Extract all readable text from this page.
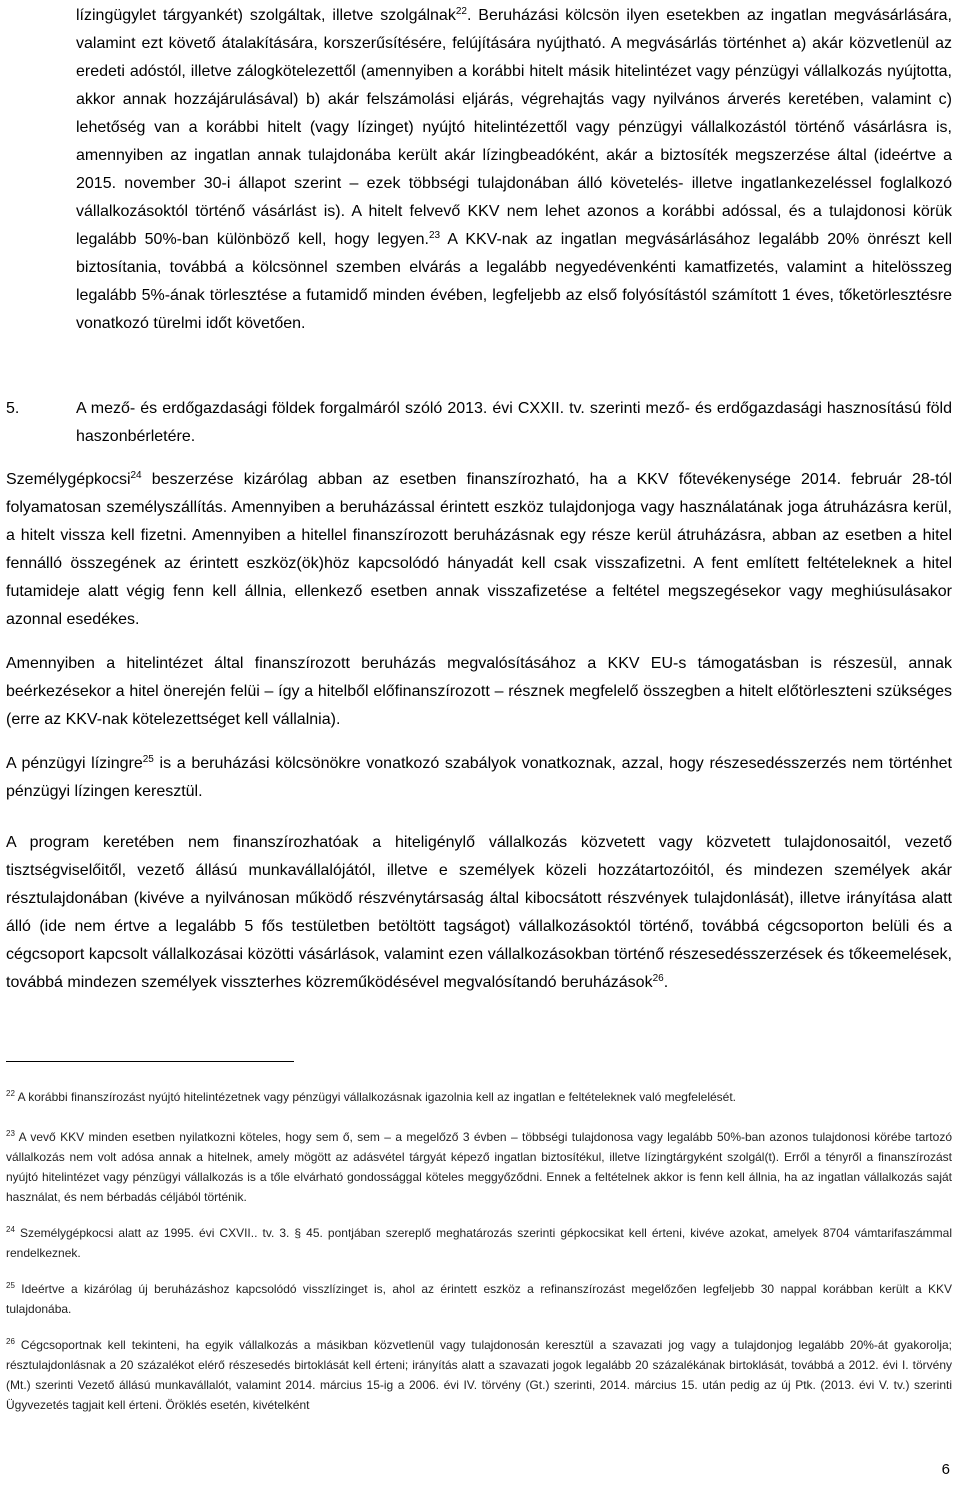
lízingügylet tárgyankét) szolgáltak, illetve szolgálnak$^{22}$. Beruházási kölcsön ilyen esetekben az ingatlan megvásárlására, valamint ezt követő átalakítására, korszerűsítésére, felújítására nyújtható. A megvásárlás történhet a) akár közvetlenül az eredeti adóstól, illetve zálogkötelezettől (amennyiben a korábbi hitelt másik hitelintézet vagy pénzügyi vállalkozás nyújtotta, akkor annak hozzájárulásával) b) akár felszámolási eljárás, végrehajtás vagy nyilvános árverés keretében, valamint c) lehetőség van a korábbi hitelt (vagy lízinget) nyújtó hitelintézettől vagy pénzügyi vállalkozástól történő vásárlásra is, amennyiben az ingatlan annak tulajdonába került akár lízingbeadóként, akár a biztosíték megszerzése által (ideértve a 2015. november 30-i állapot szerint – ezek többségi tulajdonában álló követelés- illetve ingatlankezeléssel foglalkozó vállalkozásoktól történő vásárlást is). A hitelt felvevő KKV nem lehet azonos a korábbi adóssal, és a tulajdonosi körük legalább 50%-ban különböző kell, hogy legyen.$^{23}$ A KKV-nak az ingatlan megvásárlásához legalább 20% önrészt kell biztosítania, továbbá a kölcsönnel szemben elvárás a legalább negyedévenkénti kamatfizetés, valamint a hitelösszeg legalább 5%-ának törlesztése a futamidő minden évében, legfeljebb az első folyósítástól számított 1 éves, tőketörlesztésre vonatkozó türelmi időt követően.

5.	A mező- és erdőgazdasági földek forgalmáról szóló 2013. évi CXXII. tv. szerinti mező- és erdőgazdasági hasznosítású föld haszonbérletére.

Személygépkocsi$^{24}$ beszerzése kizárólag abban az esetben finanszírozható, ha a KKV főtevékenysége 2014. február 28-tól folyamatosan személyszállítás. Amennyiben a beruházással érintett eszköz tulajdonjoga vagy használatának joga átruházásra kerül, a hitelt vissza kell fizetni. Amennyiben a hitellel finanszírozott beruházásnak egy része kerül átruházásra, abban az esetben a hitel fennálló összegének az érintett eszköz(ök)höz kapcsolódó hányadát kell csak visszafizetni. A fent említett feltételeknek a hitel futamideje alatt végig fenn kell állnia, ellenkező esetben annak visszafizetése a feltétel megszegésekor vagy meghiúsulásakor azonnal esedékes.

Amennyiben a hitelintézet által finanszírozott beruházás megvalósításához a KKV EU-s támogatásban is részesül, annak beérkezésekor a hitel önerején felüi – így a hitelből előfinanszírozott – résznek megfelelő összegben a hitelt előtörleszteni szükséges (erre az KKV-nak kötelezettséget kell vállalnia).

A pénzügyi lízingre$^{25}$ is a beruházási kölcsönökre vonatkozó szabályok vonatkoznak, azzal, hogy részesedésszerzés nem történhet pénzügyi lízingen keresztül.

A program keretében nem finanszírozhatóak a hiteligénylő vállalkozás közvetett vagy közvetett tulajdonosaitól, vezető tisztségviselőitől, vezető állású munkavállalójától, illetve e személyek közeli hozzátartozóitól, és mindezen személyek akár résztulajdonában (kivéve a nyilvánosan működő részvénytársaság által kibocsátott részvények tulajdonlását), illetve irányítása alatt álló (ide nem értve a legalább 5 fős testületben betöltött tagságot) vállalkozásoktól történő, továbbá cégcsoporton belüli és a cégcsoport kapcsolt vállalkozásai közötti vásárlások, valamint ezen vállalkozásokban történő részesedésszerzések és tőkeemelések, továbbá mindezen személyek visszterhes közreműködésével megvalósítandó beruházások$^{26}$.

$^{22}$ A korábbi finanszírozást nyújtó hitelintézetnek vagy pénzügyi vállalkozásnak igazolnia kell az ingatlan e feltételeknek való megfelelését.

$^{23}$ A vevő KKV minden esetben nyilatkozni köteles, hogy sem ő, sem – a megelőző 3 évben – többségi tulajdonosa vagy legalább 50%-ban azonos tulajdonosi körébe tartozó vállalkozás nem volt adósa annak a hitelnek, amely mögött az adásvétel tárgyát képező ingatlan biztosítékul, illetve lízingtárgyként szolgál(t). Erről a tényről a finanszírozást nyújtó hitelintézet vagy pénzügyi vállalkozás is a tőle elvárható gondossággal köteles meggyőződni. Ennek a feltételnek akkor is fenn kell állnia, ha az ingatlan vállalkozás saját használat, és nem bérbadás céljából történik.

$^{24}$ Személygépkocsi alatt az 1995. évi CXVII.. tv. 3. § 45. pontjában szereplő meghatározás szerinti gépkocsikat kell érteni, kivéve azokat, amelyek 8704 vámtarifaszámmal rendelkeznek.

$^{25}$ Ideértve a kizárólag új beruházáshoz kapcsolódó visszlízinget is, ahol az érintett eszköz a refinanszírozást megelőzően legfeljebb 30 nappal korábban került a KKV tulajdonába.

$^{26}$ Cégcsoportnak kell tekinteni, ha egyik vállalkozás a másikban közvetlenül vagy tulajdonosán keresztül a szavazati jog vagy a tulajdonjog legalább 20%-át gyakorolja; résztulajdonlásnak a 20 százalékot elérő részesedés birtoklását kell érteni; irányítás alatt a szavazati jogok legalább 20 százalékának birtoklását, továbbá a 2012. évi I. törvény (Mt.) szerinti Vezető állású munkavállalót, valamint 2014. március 15-ig a 2006. évi IV. törvény (Gt.) szerinti, 2014. március 15. után pedig az új Ptk. (2013. évi V. tv.) szerinti Ügyvezetés tagjait kell érteni. Öröklés esetén, kivételként

6
